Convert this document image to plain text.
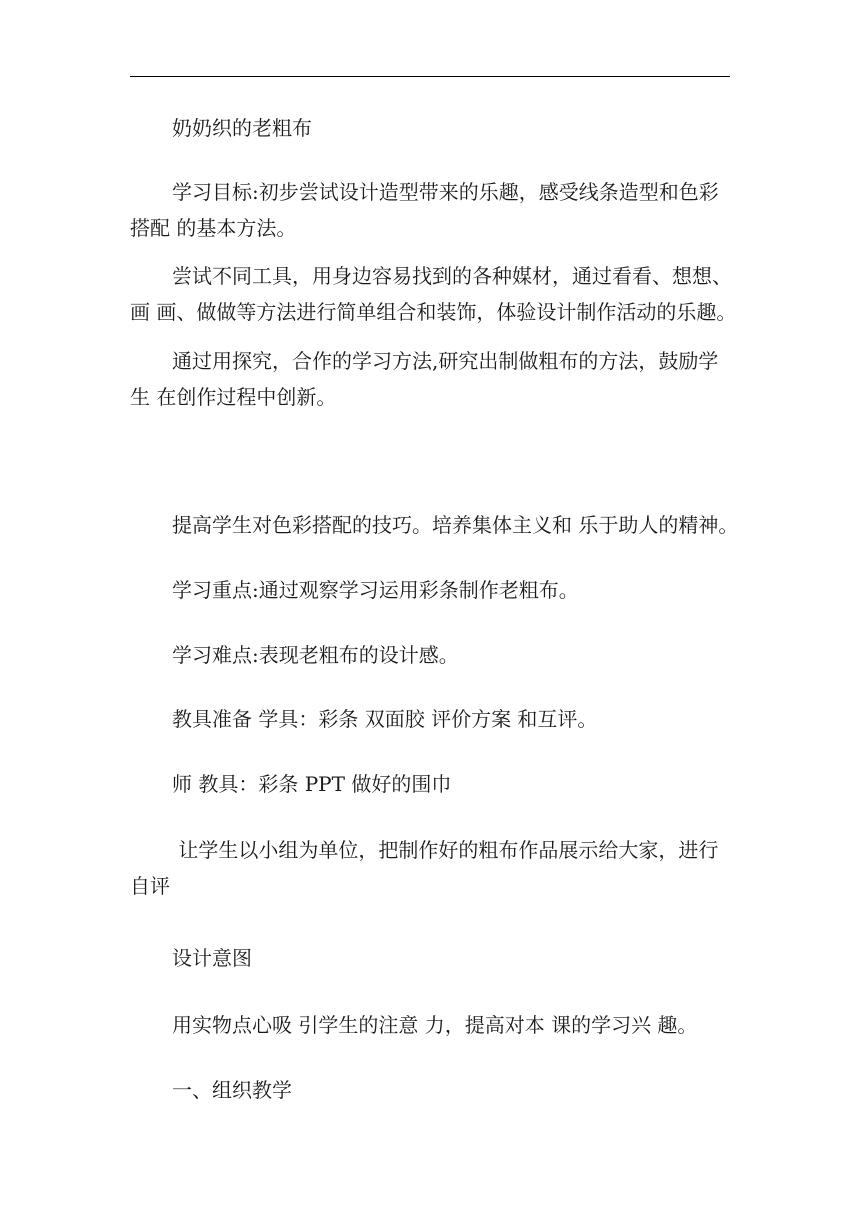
奶奶织的老粗布

学习目标:初步尝试设计造型带来的乐趣，感受线条造型和色彩
搭配 的基本方法。

尝试不同工具，用身边容易找到的各种媒材，通过看看、想想、
画 画、做做等方法进行简单组合和装饰，体验设计制作活动的乐趣。

通过用探究，合作的学习方法,研究出制做粗布的方法，鼓励学
生 在创作过程中创新。

提高学生对色彩搭配的技巧。培养集体主义和 乐于助人的精神。

学习重点:通过观察学习运用彩条制作老粗布。

学习难点:表现老粗布的设计感。

教具准备 学具：彩条 双面胶 评价方案 和互评。

师 教具：彩条 PPT 做好的围巾

让学生以小组为单位，把制作好的粗布作品展示给大家，进行
自评

设计意图

用实物点心吸 引学生的注意 力，提高对本 课的学习兴 趣。

一、组织教学
